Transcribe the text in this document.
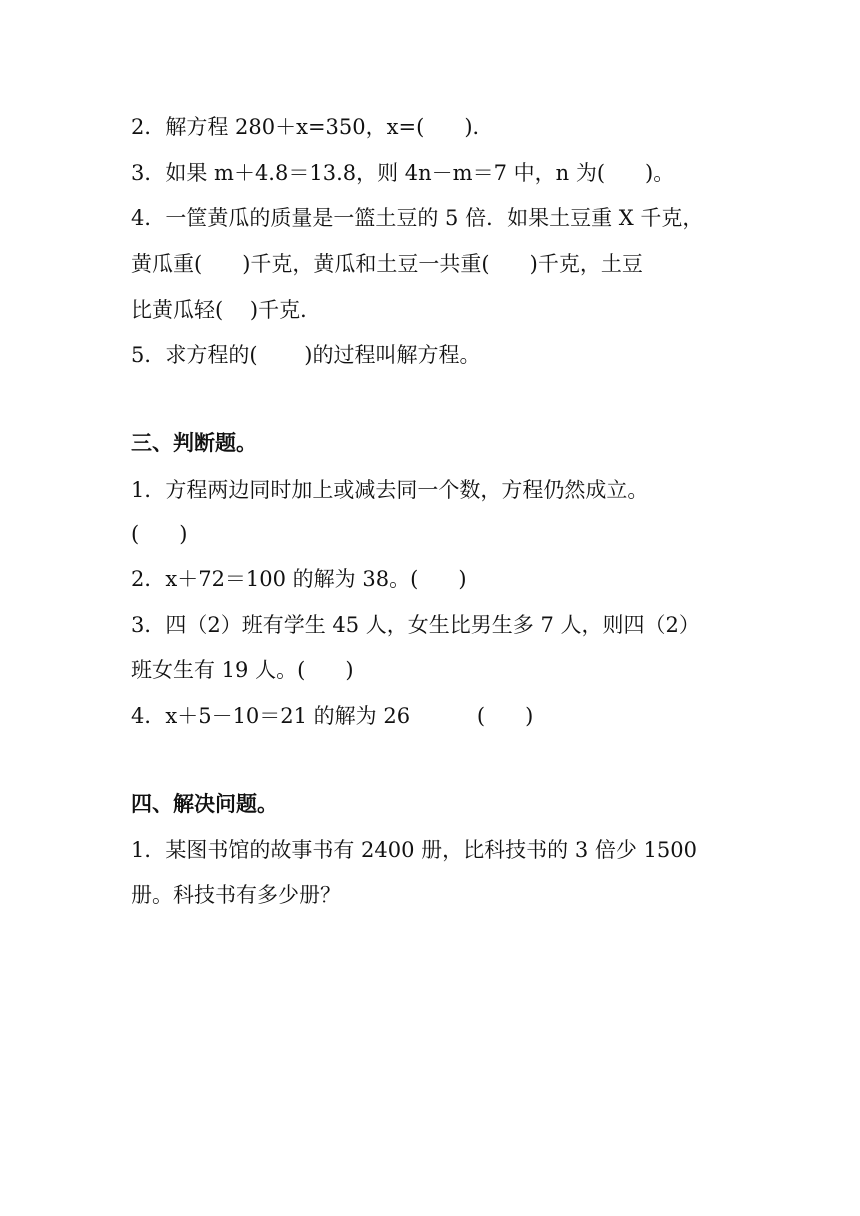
2．解方程 280＋x=350，x=(      )．
3．如果 m＋4.8＝13.8，则 4n－m＝7 中，n 为(      )。
4．一筐黄瓜的质量是一篮土豆的 5 倍．如果土豆重 X 千克，
黄瓜重(      )千克，黄瓜和土豆一共重(      )千克，土豆
比黄瓜轻(    )千克．
5．求方程的(       )的过程叫解方程。
三、判断题。
1．方程两边同时加上或减去同一个数，方程仍然成立。
(      )
2．x＋72＝100 的解为 38。(      )
3．四（2）班有学生 45 人，女生比男生多 7 人，则四（2）
班女生有 19 人。(      )
4．x＋5－10＝21 的解为 26          (      )
四、解决问题。
1．某图书馆的故事书有 2400 册，比科技书的 3 倍少 1500
册。科技书有多少册？
